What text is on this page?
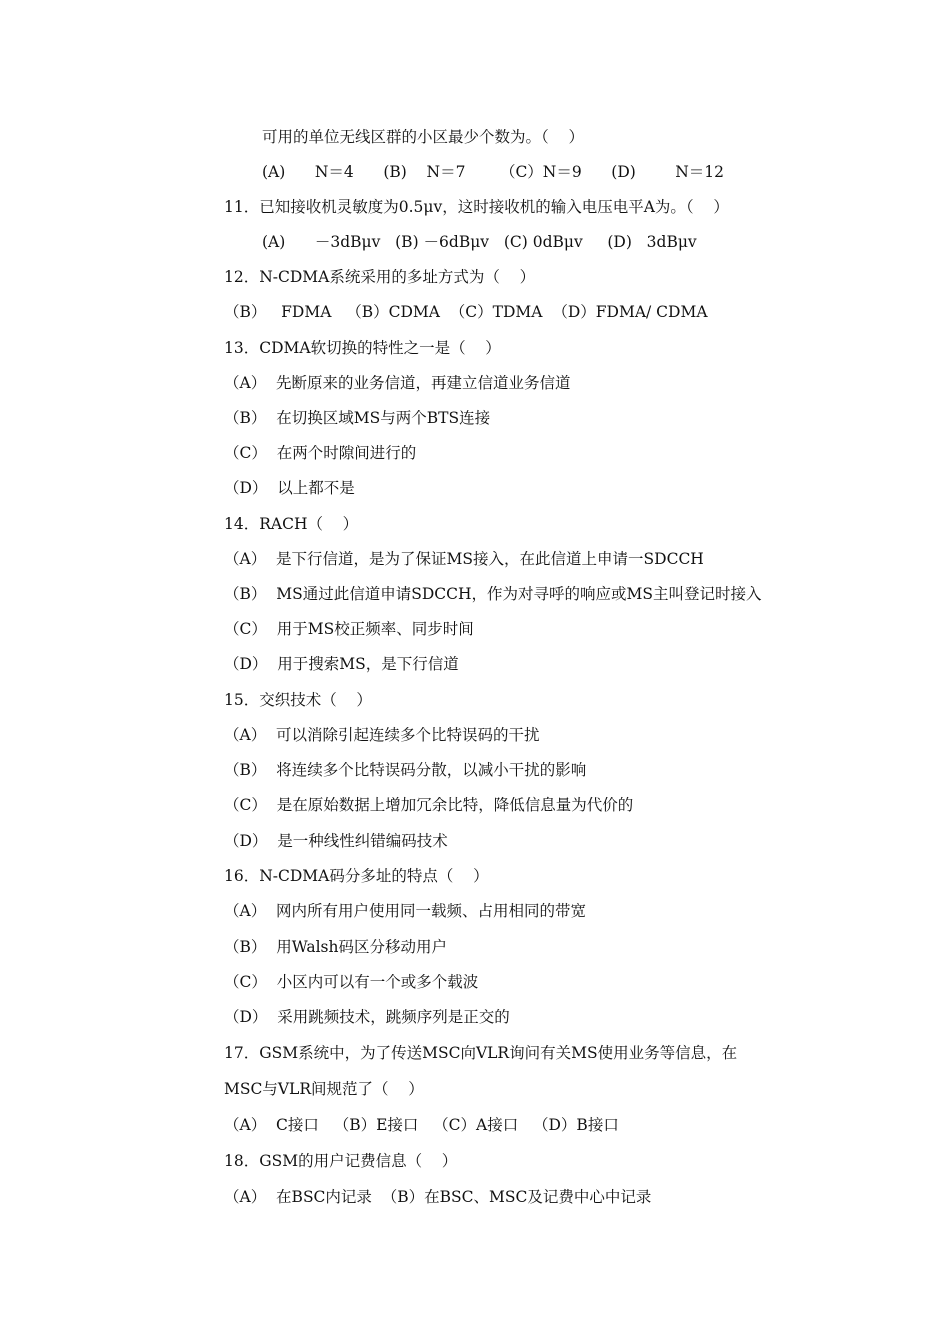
可用的单位无线区群的小区最少个数为。（    ）
(A)      N＝4      (B)    N＝7       （C）N＝9      (D)        N＝12
11．已知接收机灵敏度为0.5μv，这时接收机的输入电压电平A为。（    ）
(A)      －3dBμv   (B) －6dBμv   (C) 0dBμv     (D)   3dBμv
12．N-CDMA系统采用的多址方式为（    ）
（B）   FDMA   （B）CDMA  （C）TDMA  （D）FDMA/ CDMA
13．CDMA软切换的特性之一是（    ）
（A）  先断原来的业务信道，再建立信道业务信道
（B）  在切换区域MS与两个BTS连接
（C）  在两个时隙间进行的
（D）  以上都不是
14．RACH（    ）
（A）  是下行信道，是为了保证MS接入，在此信道上申请一SDCCH
（B）  MS通过此信道申请SDCCH，作为对寻呼的响应或MS主叫登记时接入
（C）  用于MS校正频率、同步时间
（D）  用于搜索MS，是下行信道
15．交织技术（    ）
（A）  可以消除引起连续多个比特误码的干扰
（B）  将连续多个比特误码分散，以减小干扰的影响
（C）  是在原始数据上增加冗余比特，降低信息量为代价的
（D）  是一种线性纠错编码技术
16．N-CDMA码分多址的特点（    ）
（A）  网内所有用户使用同一载频、占用相同的带宽
（B）  用Walsh码区分移动用户
（C）  小区内可以有一个或多个载波
（D）  采用跳频技术，跳频序列是正交的
17．GSM系统中，为了传送MSC向VLR询问有关MS使用业务等信息，在
MSC与VLR间规范了（    ）
（A）  C接口   （B）E接口   （C）A接口   （D）B接口
18．GSM的用户记费信息（    ）
（A）  在BSC内记录  （B）在BSC、MSC及记费中心中记录
